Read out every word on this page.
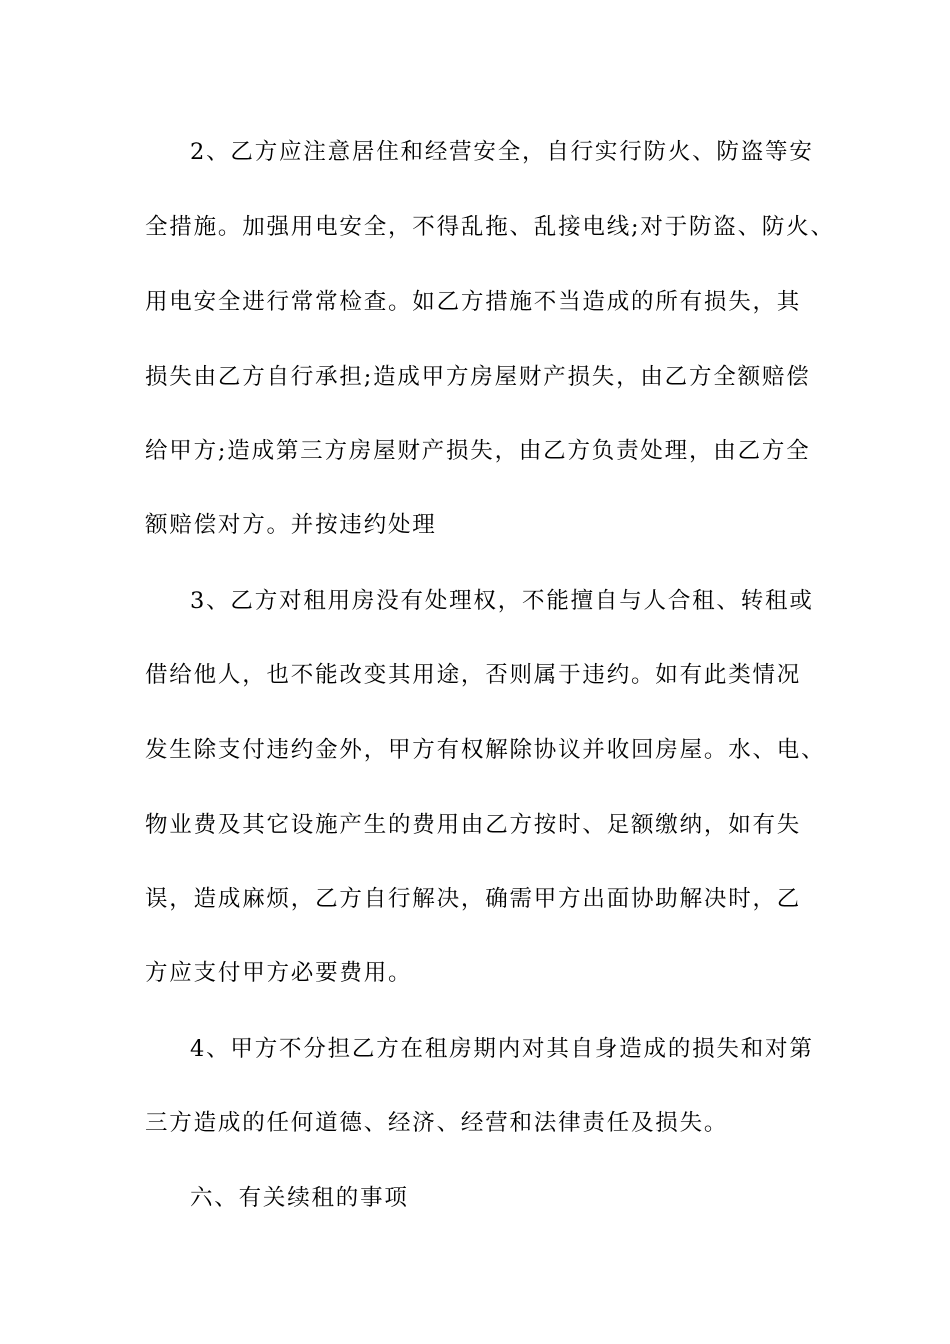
2、乙方应注意居住和经营安全，自行实行防火、防盗等安

全措施。加强用电安全，不得乱拖、乱接电线;对于防盗、防火、

用电安全进行常常检查。如乙方措施不当造成的所有损失，其

损失由乙方自行承担;造成甲方房屋财产损失，由乙方全额赔偿

给甲方;造成第三方房屋财产损失，由乙方负责处理，由乙方全

额赔偿对方。并按违约处理

3、乙方对租用房没有处理权，不能擅自与人合租、转租或

借给他人，也不能改变其用途，否则属于违约。如有此类情况

发生除支付违约金外，甲方有权解除协议并收回房屋。水、电、

物业费及其它设施产生的费用由乙方按时、足额缴纳，如有失

误，造成麻烦，乙方自行解决，确需甲方出面协助解决时，乙

方应支付甲方必要费用。

4、甲方不分担乙方在租房期内对其自身造成的损失和对第

三方造成的任何道德、经济、经营和法律责任及损失。

六、有关续租的事项
